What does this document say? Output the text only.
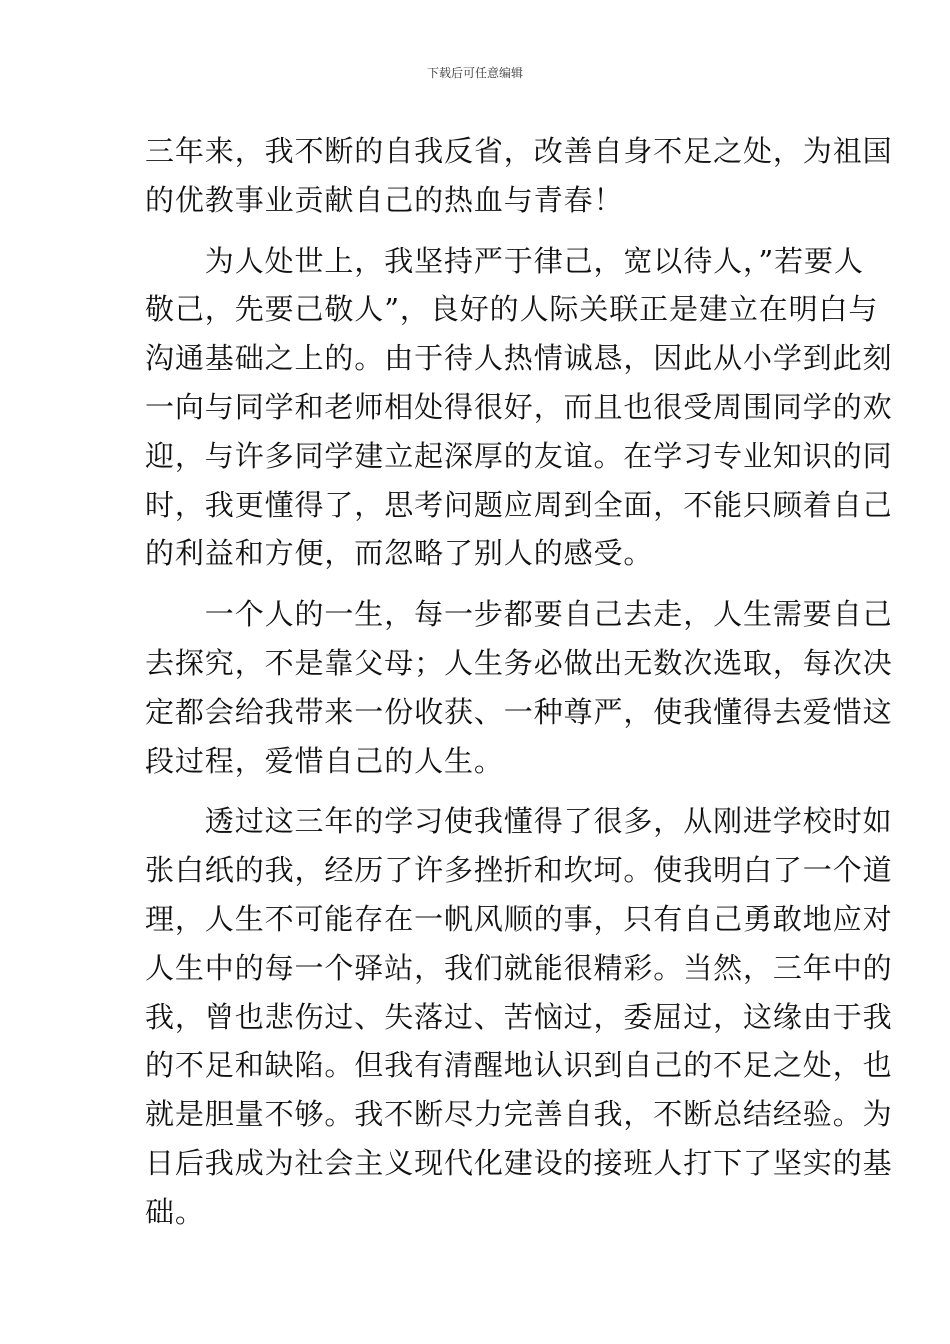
下载后可任意编辑
三年来，我不断的自我反省，改善自身不足之处，为祖国
的优教事业贡献自己的热血与青春！
　　为人处世上，我坚持严于律己，宽以待人，”若要人
敬己，先要己敬人”，良好的人际关联正是建立在明白与
沟通基础之上的。由于待人热情诚恳，因此从小学到此刻
一向与同学和老师相处得很好，而且也很受周围同学的欢
迎，与许多同学建立起深厚的友谊。在学习专业知识的同
时，我更懂得了，思考问题应周到全面，不能只顾着自己
的利益和方便，而忽略了别人的感受。
　　一个人的一生，每一步都要自己去走，人生需要自己
去探究，不是靠父母；人生务必做出无数次选取，每次决
定都会给我带来一份收获、一种尊严，使我懂得去爱惜这
段过程，爱惜自己的人生。
　　透过这三年的学习使我懂得了很多，从刚进学校时如
张白纸的我，经历了许多挫折和坎坷。使我明白了一个道
理，人生不可能存在一帆风顺的事，只有自己勇敢地应对
人生中的每一个驿站，我们就能很精彩。当然，三年中的
我，曾也悲伤过、失落过、苦恼过，委屈过，这缘由于我
的不足和缺陷。但我有清醒地认识到自己的不足之处，也
就是胆量不够。我不断尽力完善自我，不断总结经验。为
日后我成为社会主义现代化建设的接班人打下了坚实的基
础。
